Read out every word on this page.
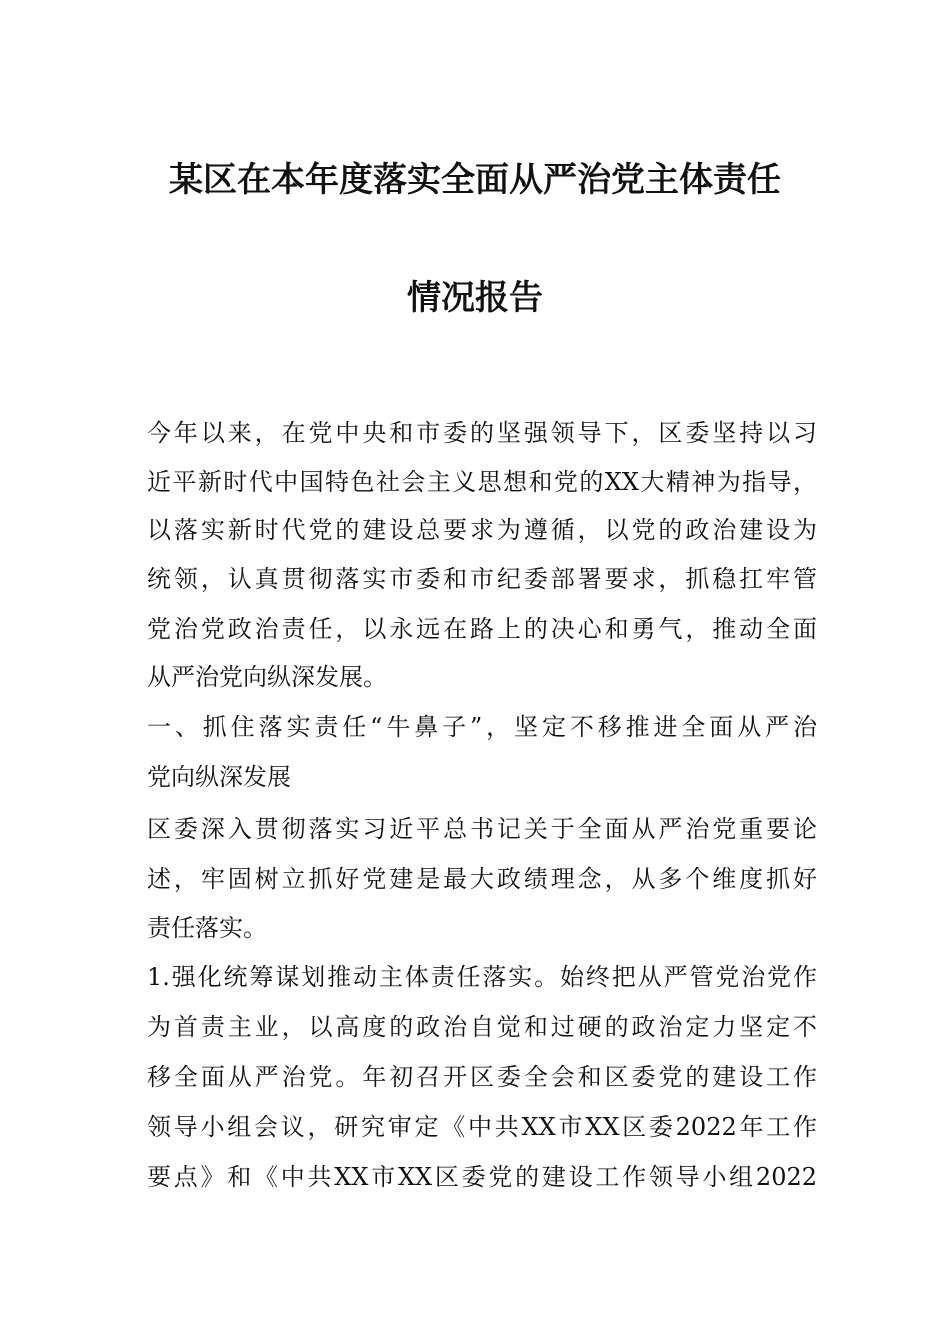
某区在本年度落实全面从严治党主体责任
情况报告
今年以来，在党中央和市委的坚强领导下，区委坚持以习
近平新时代中国特色社会主义思想和党的XX大精神为指导，
以落实新时代党的建设总要求为遵循，以党的政治建设为
统领，认真贯彻落实市委和市纪委部署要求，抓稳扛牢管
党治党政治责任，以永远在路上的决心和勇气，推动全面
从严治党向纵深发展。
一、抓住落实责任“牛鼻子”，坚定不移推进全面从严治
党向纵深发展
区委深入贯彻落实习近平总书记关于全面从严治党重要论
述，牢固树立抓好党建是最大政绩理念，从多个维度抓好
责任落实。
1.强化统筹谋划推动主体责任落实。始终把从严管党治党作
为首责主业，以高度的政治自觉和过硬的政治定力坚定不
移全面从严治党。年初召开区委全会和区委党的建设工作
领导小组会议，研究审定《中共XX市XX区委2022年工作
要点》和《中共XX市XX区委党的建设工作领导小组2022
